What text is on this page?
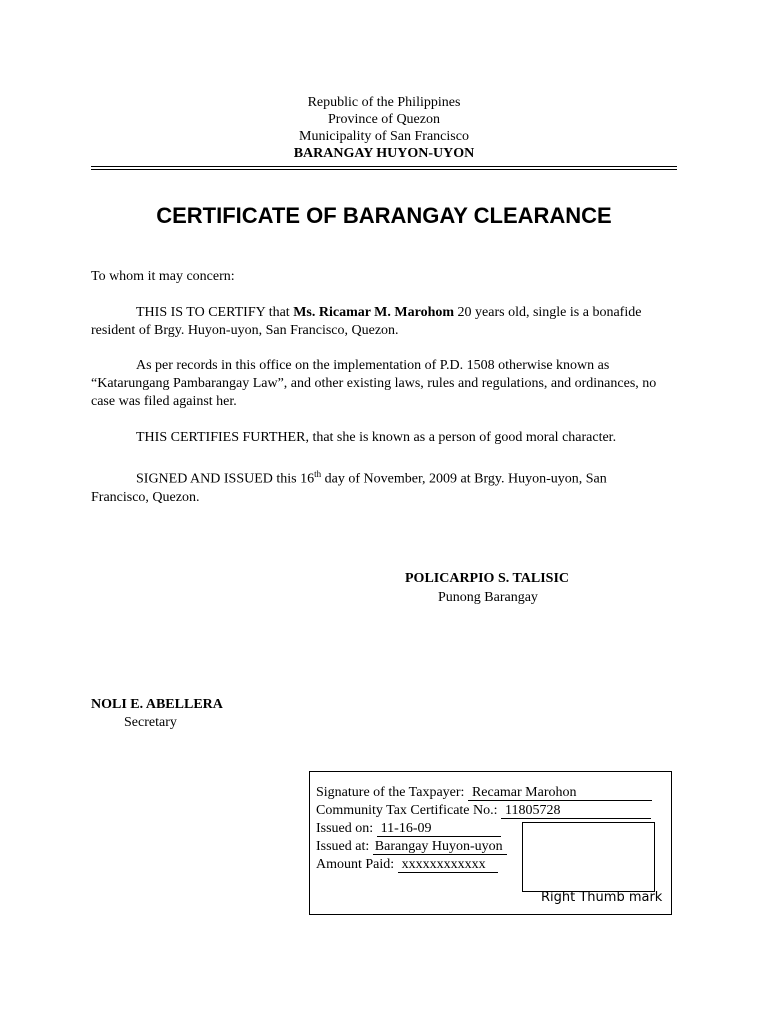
Republic of the Philippines
Province of Quezon
Municipality of San Francisco
BARANGAY HUYON-UYON
CERTIFICATE OF BARANGAY CLEARANCE
To whom it may concern:
THIS IS TO CERTIFY that Ms. Ricamar M. Marohom 20 years old, single is a bonafide resident of Brgy. Huyon-uyon, San Francisco, Quezon.
As per records in this office on the implementation of P.D. 1508 otherwise known as “Katarungang Pambarangay Law”, and other existing laws, rules and regulations, and ordinances, no case was filed against her.
THIS CERTIFIES FURTHER, that she is known as a person of good moral character.
SIGNED AND ISSUED this 16th day of November, 2009 at Brgy. Huyon-uyon, San Francisco, Quezon.
POLICARPIO S. TALISIC
Punong Barangay
NOLI E. ABELLERA
Secretary
Signature of the Taxpayer: Recamar Marohon
Community Tax Certificate No.: 11805728
Issued on: 11-16-09
Issued at: Barangay Huyon-uyon
Amount Paid: xxxxxxxxxxxx
Right Thumb mark
